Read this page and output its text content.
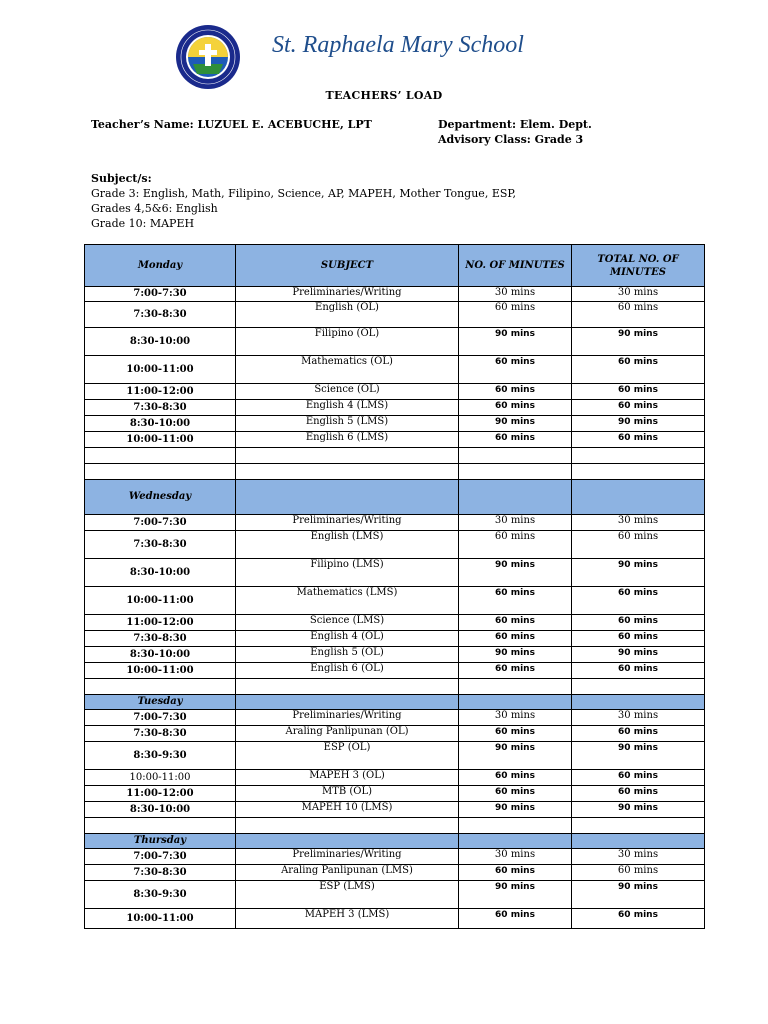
St. Raphaela Mary School
TEACHERS’ LOAD
Teacher’s Name: LUZUEL E. ACEBUCHE, LPT	Department: Elem. Dept.
Advisory Class: Grade 3
Subject/s:
Grade 3: English, Math, Filipino, Science, AP, MAPEH, Mother Tongue, ESP,
Grades 4,5&6: English
Grade 10: MAPEH
Monday	SUBJECT	NO. OF MINUTES	TOTAL NO. OF MINUTES
7:00-7:30	Preliminaries/Writing	30 mins	30 mins
7:30-8:30	English (OL)	60 mins	60 mins
8:30-10:00	Filipino (OL)	90 mins	90 mins
10:00-11:00	Mathematics (OL)	60 mins	60 mins
11:00-12:00	Science (OL)	60 mins	60 mins
7:30-8:30	English 4 (LMS)	60 mins	60 mins
8:30-10:00	English 5 (LMS)	90 mins	90 mins
10:00-11:00	English 6 (LMS)	60 mins	60 mins

Wednesday			
7:00-7:30	Preliminaries/Writing	30 mins	30 mins
7:30-8:30	English (LMS)	60 mins	60 mins
8:30-10:00	Filipino (LMS)	90 mins	90 mins
10:00-11:00	Mathematics (LMS)	60 mins	60 mins
11:00-12:00	Science (LMS)	60 mins	60 mins
7:30-8:30	English 4 (OL)	60 mins	60 mins
8:30-10:00	English 5 (OL)	90 mins	90 mins
10:00-11:00	English 6 (OL)	60 mins	60 mins

Tuesday			
7:00-7:30	Preliminaries/Writing	30 mins	30 mins
7:30-8:30	Araling Panlipunan (OL)	60 mins	60 mins
8:30-9:30	ESP (OL)	90 mins	90 mins
10:00-11:00	MAPEH 3 (OL)	60 mins	60 mins
11:00-12:00	MTB (OL)	60 mins	60 mins
8:30-10:00	MAPEH 10 (LMS)	90 mins	90 mins

Thursday			
7:00-7:30	Preliminaries/Writing	30 mins	30 mins
7:30-8:30	Araling Panlipunan (LMS)	60 mins	60 mins
8:30-9:30	ESP (LMS)	90 mins	90 mins
10:00-11:00	MAPEH 3 (LMS)	60 mins	60 mins
